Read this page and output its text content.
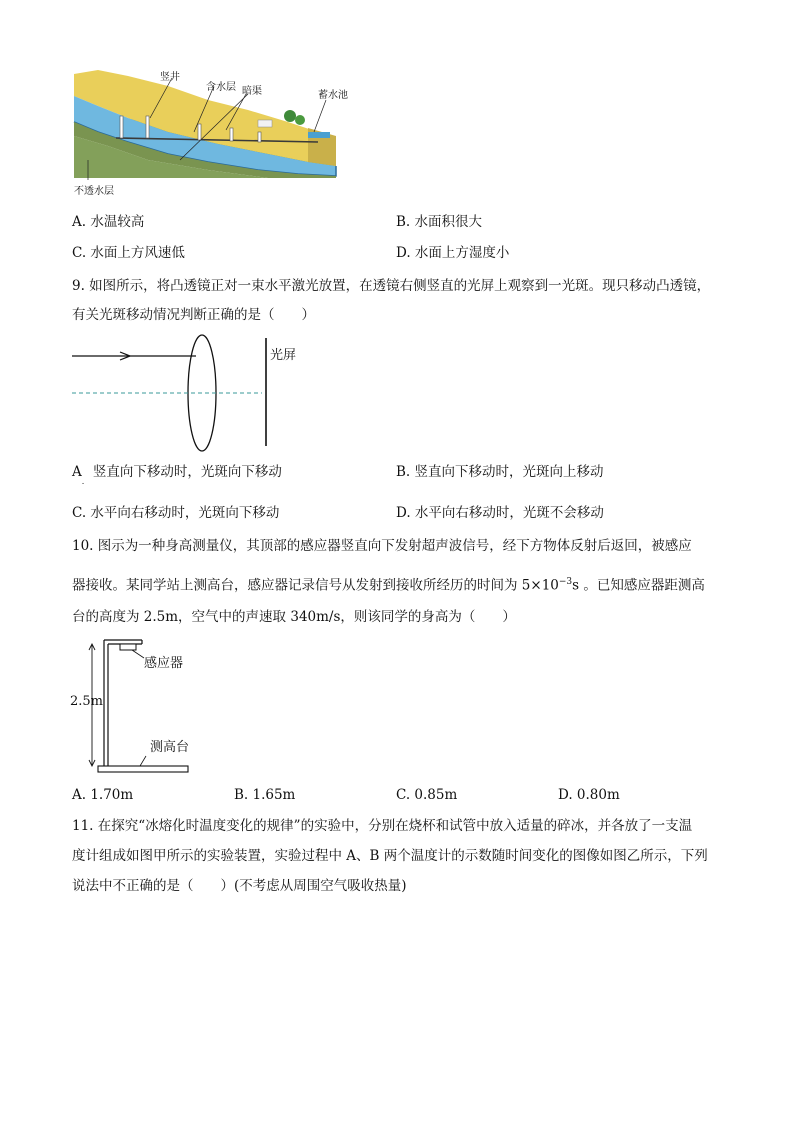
竖井
含水层 暗渠	蓄水池
不透水层
A. 水温较高	B. 水面积很大
C. 水面上方风速低	D. 水面上方湿度小
9. 如图所示，将凸透镜正对一束水平激光放置，在透镜右侧竖直的光屏上观察到一光斑。现只移动凸透镜，
有关光斑移动情况判断正确的是（　　）
光屏
$A_.$  竖直向下移动时，光斑向下移动	B. 竖直向下移动时，光斑向上移动
C. 水平向右移动时，光斑向下移动	D. 水平向右移动时，光斑不会移动
10. 图示为一种身高测量仪，其顶部的感应器竖直向下发射超声波信号，经下方物体反射后返回，被感应
器接收。某同学站上测高台，感应器记录信号从发射到接收所经历的时间为 $5\times 10^{-3}s$ 。已知感应器距测高
台的高度为 2.5m，空气中的声速取 340m/s，则该同学的身高为（　　）
感应器
2.5m
测高台
A. 1.70m	B. 1.65m	C. 0.85m	D. 0.80m
11. 在探究“冰熔化时温度变化的规律”的实验中，分别在烧杯和试管中放入适量的碎冰，并各放了一支温
度计组成如图甲所示的实验装置，实验过程中 A、B 两个温度计的示数随时间变化的图像如图乙所示，下列
说法中不正确的是（　　）(不考虑从周围空气吸收热量)
